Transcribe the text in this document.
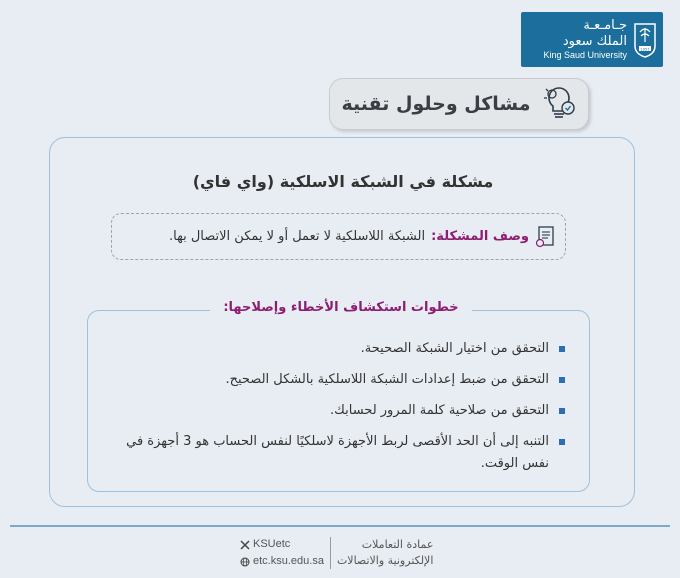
جـامـعـة
الملك سعود
King Saud University
1957
مشاكل وحلول تقنية
مشكلة في الشبكة الاسلكية (واي فاي)
وصف المشكلة:
الشبكة اللاسلكية لا تعمل أو لا يمكن الاتصال بها.
خطوات استكشاف الأخطاء وإصلاحها:
التحقق من اختيار الشبكة الصحيحة.
التحقق من ضبط إعدادات الشبكة اللاسلكية بالشكل الصحيح.
التحقق من صلاحية كلمة المرور لحسابك.
التنبه إلى أن الحد الأقصى لربط الأجهزة لاسلكيًا لنفس الحساب هو 3 أجهزة في نفس الوقت.
KSUetc
etc.ksu.edu.sa
عمادة التعاملات
الإلكترونية والاتصالات
